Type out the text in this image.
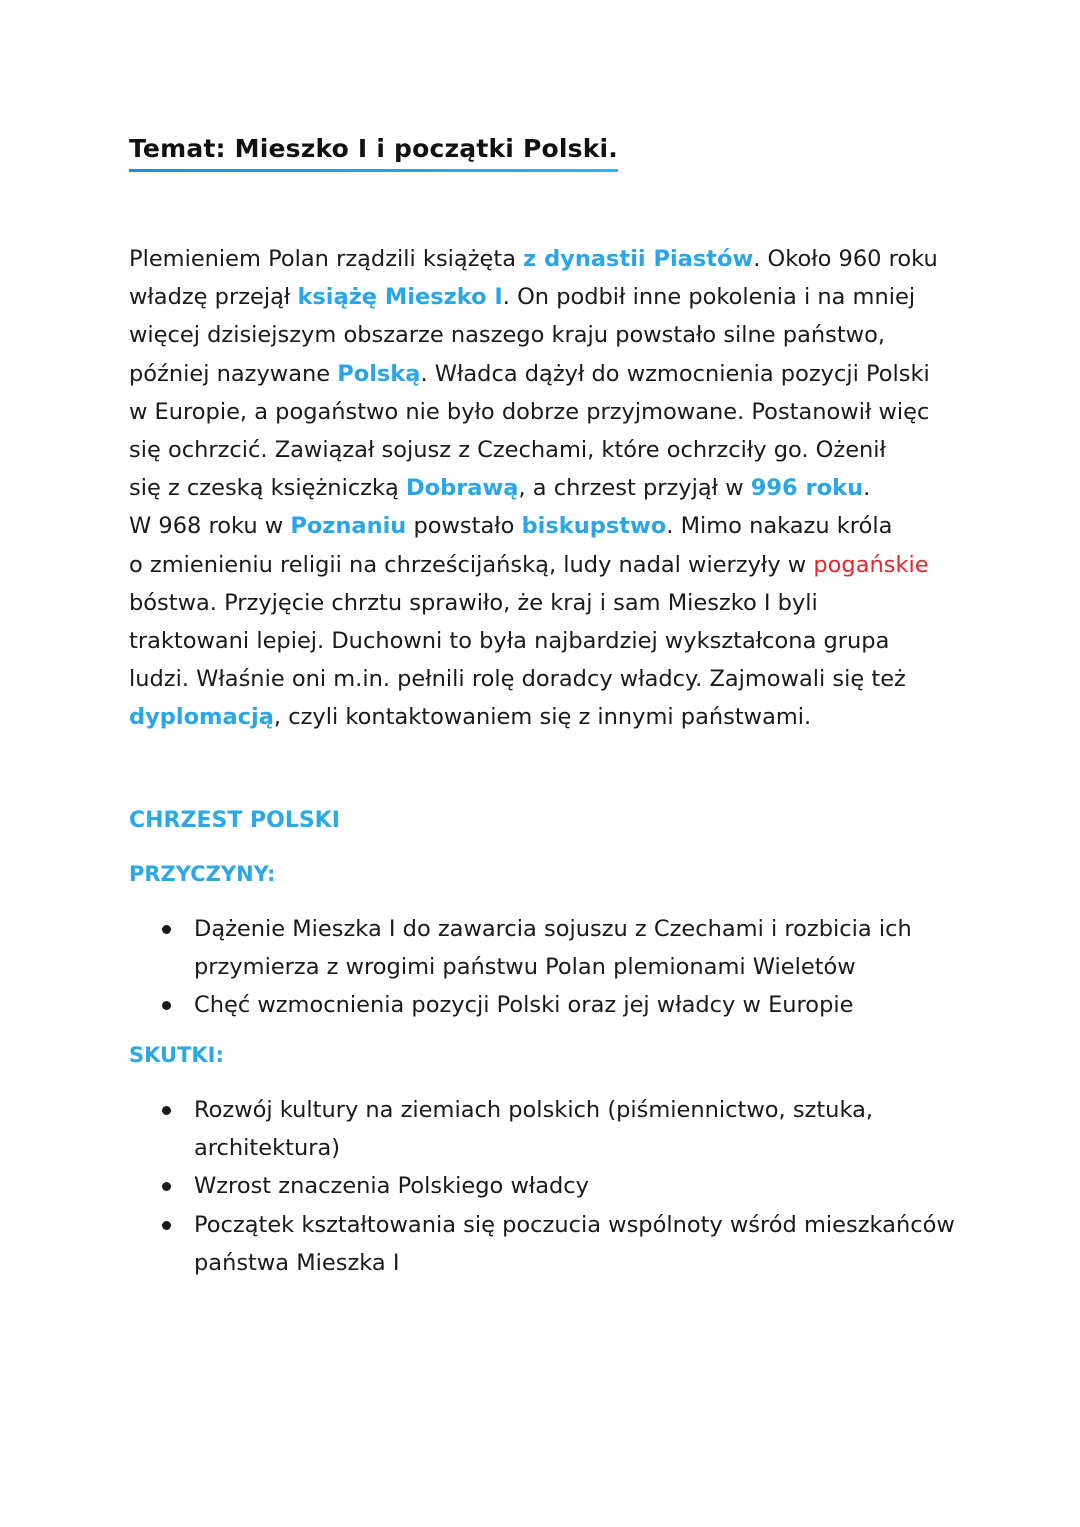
Temat: Mieszko I i początki Polski.

Plemieniem Polan rządzili książęta z dynastii Piastów. Około 960 roku
władzę przejął książę Mieszko I. On podbił inne pokolenia i na mniej
więcej dzisiejszym obszarze naszego kraju powstało silne państwo,
później nazywane Polską. Władca dążył do wzmocnienia pozycji Polski
w Europie, a pogaństwo nie było dobrze przyjmowane. Postanowił więc
się ochrzcić. Zawiązał sojusz z Czechami, które ochrzciły go. Ożenił
się z czeską księżniczką Dobrawą, a chrzest przyjął w 996 roku.
W 968 roku w Poznaniu powstało biskupstwo. Mimo nakazu króla
o zmienieniu religii na chrześcijańską, ludy nadal wierzyły w pogańskie
bóstwa. Przyjęcie chrztu sprawiło, że kraj i sam Mieszko I byli
traktowani lepiej. Duchowni to była najbardziej wykształcona grupa
ludzi. Właśnie oni m.in. pełnili rolę doradcy władcy. Zajmowali się też
dyplomacją, czyli kontaktowaniem się z innymi państwami.

CHRZEST POLSKI
PRZYCZYNY:
Dążenie Mieszka I do zawarcia sojuszu z Czechami i rozbicia ich przymierza z wrogimi państwu Polan plemionami Wieletów
Chęć wzmocnienia pozycji Polski oraz jej władcy w Europie
SKUTKI:
Rozwój kultury na ziemiach polskich (piśmiennictwo, sztuka, architektura)
Wzrost znaczenia Polskiego władcy
Początek kształtowania się poczucia wspólnoty wśród mieszkańców państwa Mieszka I
